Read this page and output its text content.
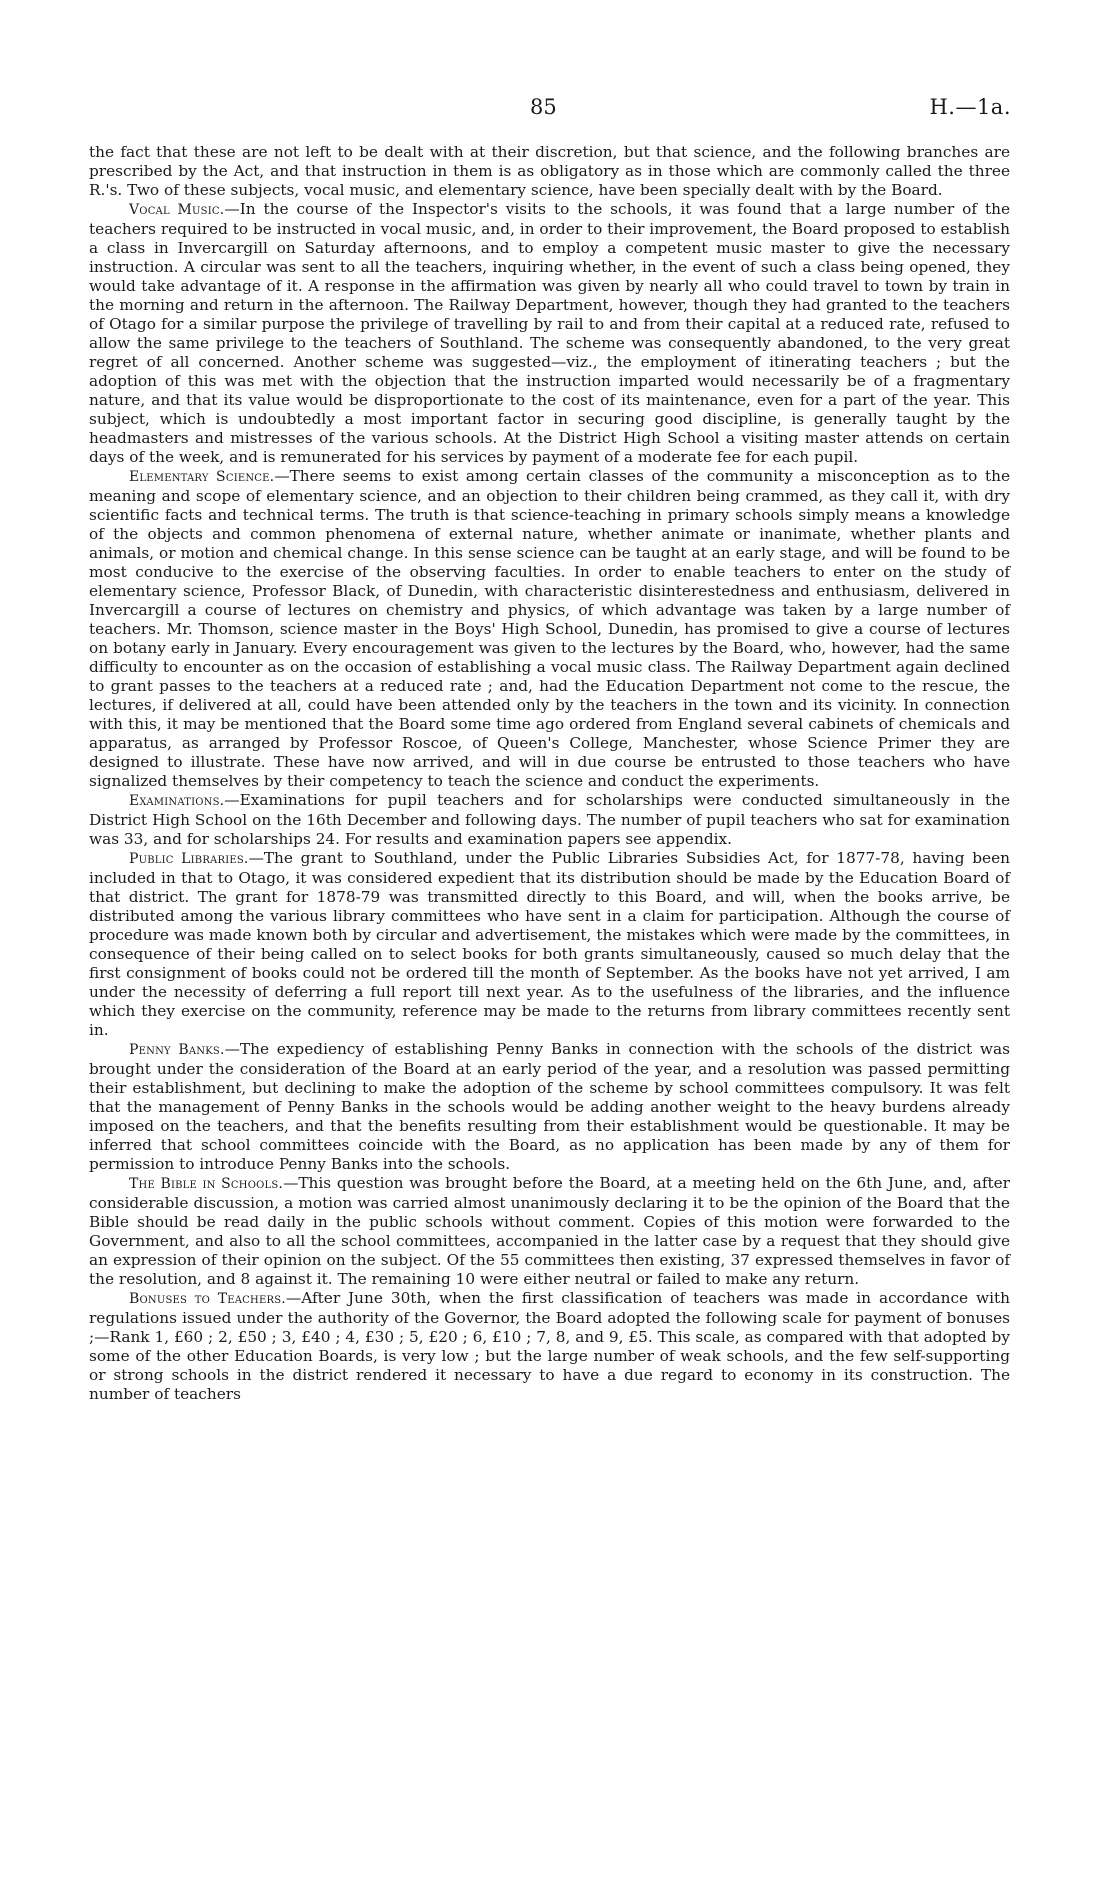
85	H.—1a.

the fact that these are not left to be dealt with at their discretion, but that science, and the following branches are prescribed by the Act, and that instruction in them is as obligatory as in those which are commonly called the three R.'s. Two of these subjects, vocal music, and elementary science, have been specially dealt with by the Board.

Vocal Music.—In the course of the Inspector's visits to the schools, it was found that a large number of the teachers required to be instructed in vocal music, and, in order to their improvement, the Board proposed to establish a class in Invercargill on Saturday afternoons, and to employ a competent music master to give the necessary instruction. A circular was sent to all the teachers, inquiring whether, in the event of such a class being opened, they would take advantage of it. A response in the affirmation was given by nearly all who could travel to town by train in the morning and return in the afternoon. The Railway Department, however, though they had granted to the teachers of Otago for a similar purpose the privilege of travelling by rail to and from their capital at a reduced rate, refused to allow the same privilege to the teachers of Southland. The scheme was consequently abandoned, to the very great regret of all concerned. Another scheme was suggested—viz., the employment of itinerating teachers ; but the adoption of this was met with the objection that the instruction imparted would necessarily be of a fragmentary nature, and that its value would be disproportionate to the cost of its maintenance, even for a part of the year. This subject, which is undoubtedly a most important factor in securing good discipline, is generally taught by the headmasters and mistresses of the various schools. At the District High School a visiting master attends on certain days of the week, and is remunerated for his services by payment of a moderate fee for each pupil.

Elementary Science.—There seems to exist among certain classes of the community a misconception as to the meaning and scope of elementary science, and an objection to their children being crammed, as they call it, with dry scientific facts and technical terms. The truth is that science-teaching in primary schools simply means a knowledge of the objects and common phenomena of external nature, whether animate or inanimate, whether plants and animals, or motion and chemical change. In this sense science can be taught at an early stage, and will be found to be most conducive to the exercise of the observing faculties. In order to enable teachers to enter on the study of elementary science, Professor Black, of Dunedin, with characteristic disinterestedness and enthusiasm, delivered in Invercargill a course of lectures on chemistry and physics, of which advantage was taken by a large number of teachers. Mr. Thomson, science master in the Boys' High School, Dunedin, has promised to give a course of lectures on botany early in January. Every encouragement was given to the lectures by the Board, who, however, had the same difficulty to encounter as on the occasion of establishing a vocal music class. The Railway Department again declined to grant passes to the teachers at a reduced rate ; and, had the Education Department not come to the rescue, the lectures, if delivered at all, could have been attended only by the teachers in the town and its vicinity. In connection with this, it may be mentioned that the Board some time ago ordered from England several cabinets of chemicals and apparatus, as arranged by Professor Roscoe, of Queen's College, Manchester, whose Science Primer they are designed to illustrate. These have now arrived, and will in due course be entrusted to those teachers who have signalized themselves by their competency to teach the science and conduct the experiments.

Examinations.—Examinations for pupil teachers and for scholarships were conducted simultaneously in the District High School on the 16th December and following days. The number of pupil teachers who sat for examination was 33, and for scholarships 24. For results and examination papers see appendix.

Public Libraries.—The grant to Southland, under the Public Libraries Subsidies Act, for 1877-78, having been included in that to Otago, it was considered expedient that its distribution should be made by the Education Board of that district. The grant for 1878-79 was transmitted directly to this Board, and will, when the books arrive, be distributed among the various library committees who have sent in a claim for participation. Although the course of procedure was made known both by circular and advertisement, the mistakes which were made by the committees, in consequence of their being called on to select books for both grants simultaneously, caused so much delay that the first consignment of books could not be ordered till the month of September. As the books have not yet arrived, I am under the necessity of deferring a full report till next year. As to the usefulness of the libraries, and the influence which they exercise on the community, reference may be made to the returns from library committees recently sent in.

Penny Banks.—The expediency of establishing Penny Banks in connection with the schools of the district was brought under the consideration of the Board at an early period of the year, and a resolution was passed permitting their establishment, but declining to make the adoption of the scheme by school committees compulsory. It was felt that the management of Penny Banks in the schools would be adding another weight to the heavy burdens already imposed on the teachers, and that the benefits resulting from their establishment would be questionable. It may be inferred that school committees coincide with the Board, as no application has been made by any of them for permission to introduce Penny Banks into the schools.

The Bible in Schools.—This question was brought before the Board, at a meeting held on the 6th June, and, after considerable discussion, a motion was carried almost unanimously declaring it to be the opinion of the Board that the Bible should be read daily in the public schools without comment. Copies of this motion were forwarded to the Government, and also to all the school committees, accompanied in the latter case by a request that they should give an expression of their opinion on the subject. Of the 55 committees then existing, 37 expressed themselves in favor of the resolution, and 8 against it. The remaining 10 were either neutral or failed to make any return.

Bonuses to Teachers.—After June 30th, when the first classification of teachers was made in accordance with regulations issued under the authority of the Governor, the Board adopted the following scale for payment of bonuses ;—Rank 1, £60 ; 2, £50 ; 3, £40 ; 4, £30 ; 5, £20 ; 6, £10 ; 7, 8, and 9, £5. This scale, as compared with that adopted by some of the other Education Boards, is very low ; but the large number of weak schools, and the few self-supporting or strong schools in the district rendered it necessary to have a due regard to economy in its construction. The number of teachers
